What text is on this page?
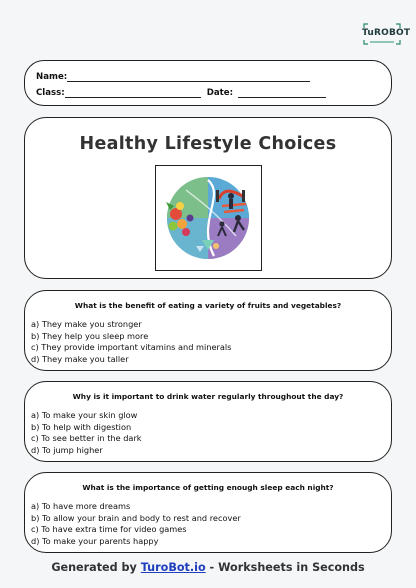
TuROBOT
Name:
Class:	Date:
Healthy Lifestyle Choices
What is the benefit of eating a variety of fruits and vegetables?
a) They make you stronger
b) They help you sleep more
c) They provide important vitamins and minerals
d) They make you taller
Why is it important to drink water regularly throughout the day?
a) To make your skin glow
b) To help with digestion
c) To see better in the dark
d) To jump higher
What is the importance of getting enough sleep each night?
a) To have more dreams
b) To allow your brain and body to rest and recover
c) To have extra time for video games
d) To make your parents happy
Generated by TuroBot.io - Worksheets in Seconds
